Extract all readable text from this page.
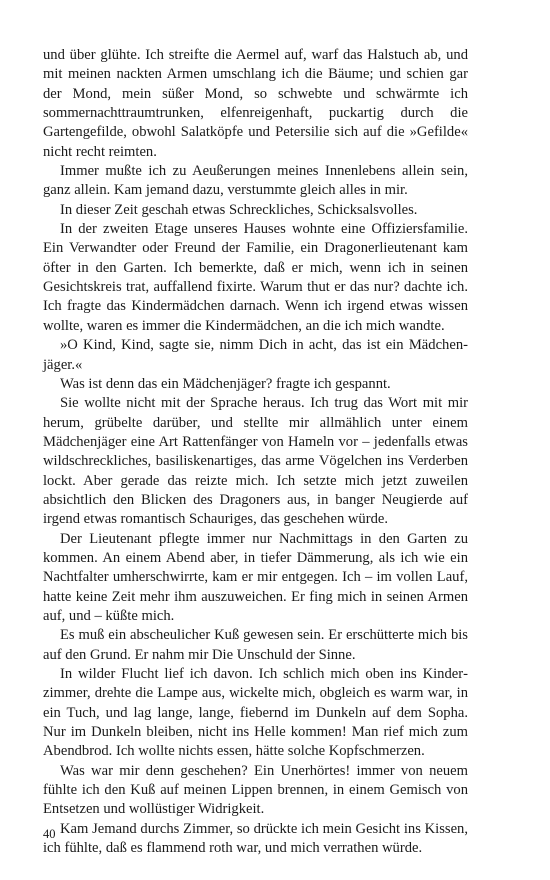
und über glühte. Ich streifte die Aermel auf, warf das Halstuch ab, und mit meinen nackten Armen umschlang ich die Bäume; und schien gar der Mond, mein süßer Mond, so schwebte und schwärmte ich sommernachttraumtrunken, elfenreigenhaft, puckartig durch die Gartengefilde, obwohl Salatköpfe und Petersilie sich auf die »Gefilde« nicht recht reimten.

Immer mußte ich zu Aeußerungen meines Innenlebens allein sein, ganz allein. Kam jemand dazu, verstummte gleich alles in mir.

In dieser Zeit geschah etwas Schreckliches, Schicksalsvolles.

In der zweiten Etage unseres Hauses wohnte eine Offiziersfamilie. Ein Verwandter oder Freund der Familie, ein Dragonerlieutenant kam öfter in den Garten. Ich bemerkte, daß er mich, wenn ich in seinen Gesichtskreis trat, auffallend fixirte. Warum thut er das nur? dachte ich. Ich fragte das Kindermädchen darnach. Wenn ich irgend etwas wissen wollte, waren es immer die Kindermädchen, an die ich mich wandte.

»O Kind, Kind, sagte sie, nimm Dich in acht, das ist ein Mädchenjäger.«

Was ist denn das ein Mädchenjäger? fragte ich gespannt.

Sie wollte nicht mit der Sprache heraus. Ich trug das Wort mit mir herum, grübelte darüber, und stellte mir allmählich unter einem Mädchenjäger eine Art Rattenfänger von Hameln vor – jedenfalls etwas wildschreckliches, basiliskenartiges, das arme Vögelchen ins Verderben lockt. Aber gerade das reizte mich. Ich setzte mich jetzt zuweilen absichtlich den Blicken des Dragoners aus, in banger Neugierde auf irgend etwas romantisch Schauriges, das geschehen würde.

Der Lieutenant pflegte immer nur Nachmittags in den Garten zu kommen. An einem Abend aber, in tiefer Dämmerung, als ich wie ein Nachtfalter umherschwirrte, kam er mir entgegen. Ich – im vollen Lauf, hatte keine Zeit mehr ihm auszuweichen. Er fing mich in seinen Armen auf, und – küßte mich.

Es muß ein abscheulicher Kuß gewesen sein. Er erschütterte mich bis auf den Grund. Er nahm mir Die Unschuld der Sinne.

In wilder Flucht lief ich davon. Ich schlich mich oben ins Kinderzimmer, drehte die Lampe aus, wickelte mich, obgleich es warm war, in ein Tuch, und lag lange, lange, fiebernd im Dunkeln auf dem Sopha. Nur im Dunkeln bleiben, nicht ins Helle kommen! Man rief mich zum Abendbrod. Ich wollte nichts essen, hätte solche Kopfschmerzen.

Was war mir denn geschehen? Ein Unerhörtes! immer von neuem fühlte ich den Kuß auf meinen Lippen brennen, in einem Gemisch von Entsetzen und wollüstiger Widrigkeit.

Kam Jemand durchs Zimmer, so drückte ich mein Gesicht ins Kissen, ich fühlte, daß es flammend roth war, und mich verrathen würde.

40
